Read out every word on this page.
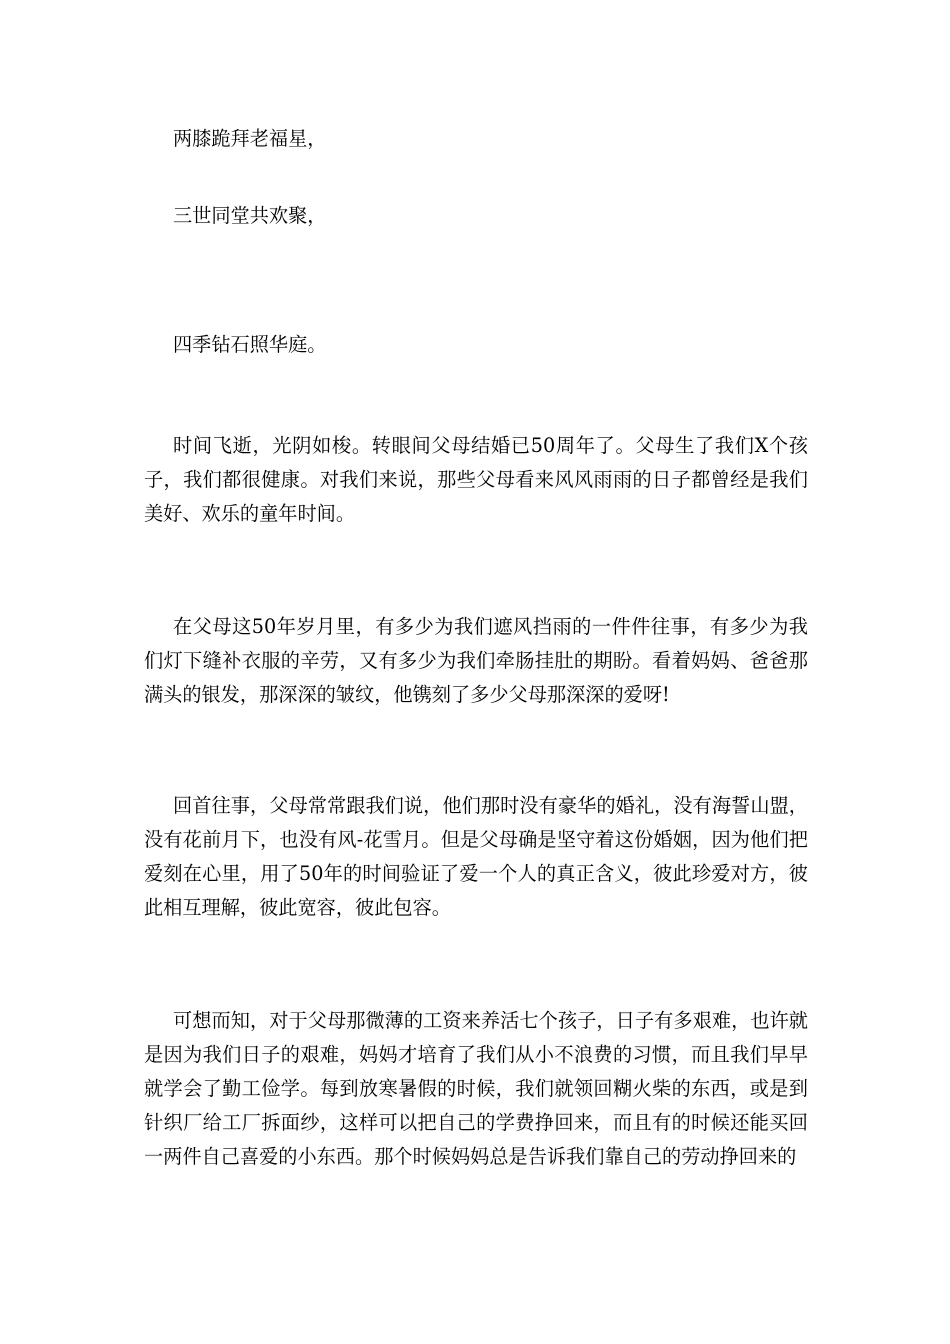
两膝跪拜老福星，

三世同堂共欢聚，

四季钻石照华庭。

时间飞逝，光阴如梭。转眼间父母结婚已50周年了。父母生了我们X个孩子，我们都很健康。对我们来说，那些父母看来风风雨雨的日子都曾经是我们美好、欢乐的童年时间。

在父母这50年岁月里，有多少为我们遮风挡雨的一件件往事，有多少为我们灯下缝补衣服的辛劳，又有多少为我们牵肠挂肚的期盼。看着妈妈、爸爸那满头的银发，那深深的皱纹，他镌刻了多少父母那深深的爱呀!

回首往事，父母常常跟我们说，他们那时没有豪华的婚礼，没有海誓山盟，没有花前月下，也没有风-花雪月。但是父母确是坚守着这份婚姻，因为他们把爱刻在心里，用了50年的时间验证了爱一个人的真正含义，彼此珍爱对方，彼此相互理解，彼此宽容，彼此包容。

可想而知，对于父母那微薄的工资来养活七个孩子，日子有多艰难，也许就是因为我们日子的艰难，妈妈才培育了我们从小不浪费的习惯，而且我们早早就学会了勤工俭学。每到放寒暑假的时候，我们就领回糊火柴的东西，或是到针织厂给工厂拆面纱，这样可以把自己的学费挣回来，而且有的时候还能买回一两件自己喜爱的小东西。那个时候妈妈总是告诉我们靠自己的劳动挣回来的
